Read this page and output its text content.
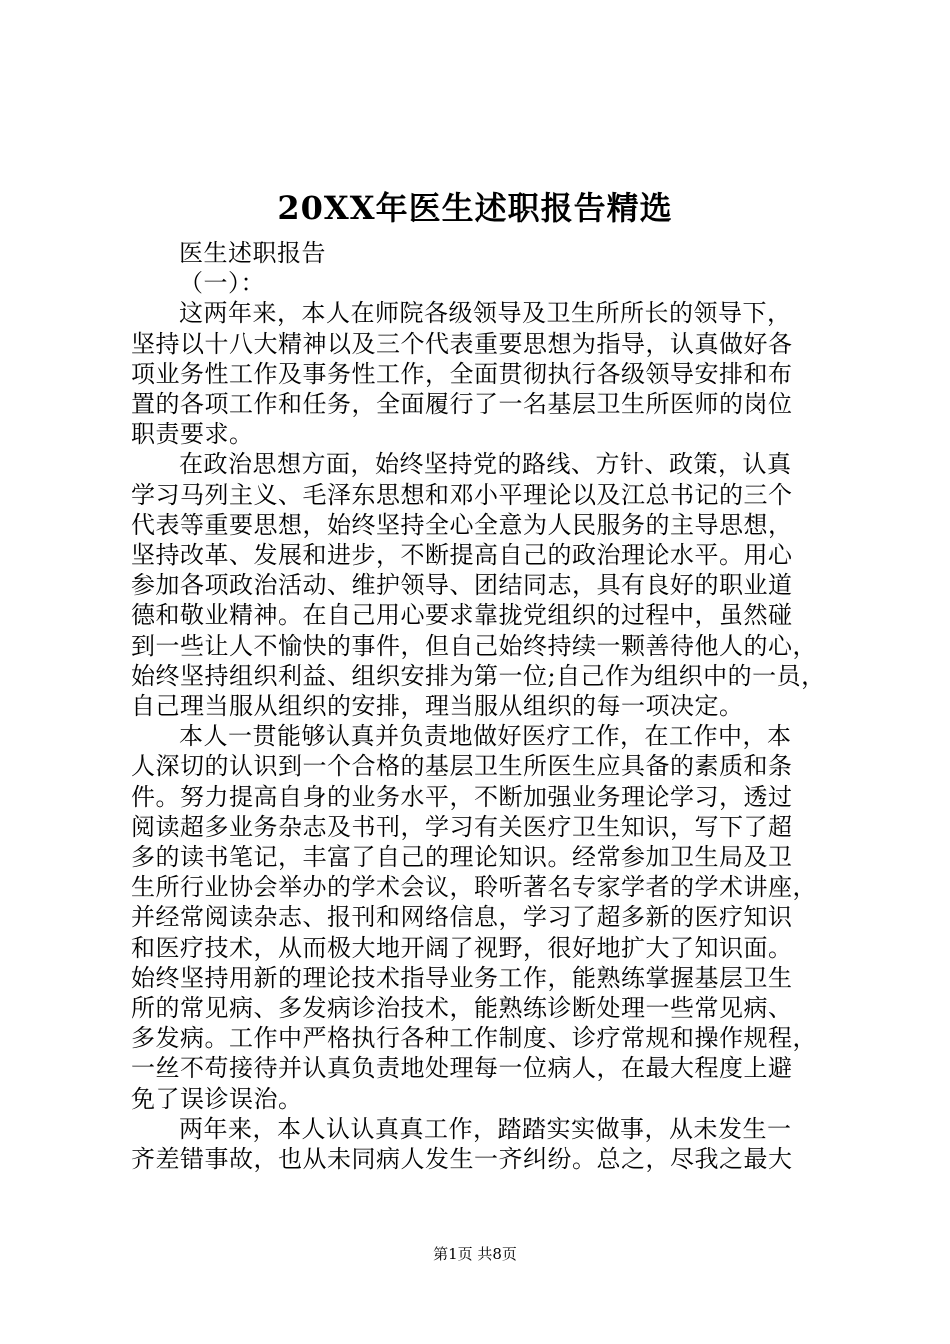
20XX年医生述职报告精选
医生述职报告
（一）：
这两年来，本人在师院各级领导及卫生所所长的领导下，
坚持以十八大精神以及三个代表重要思想为指导，认真做好各
项业务性工作及事务性工作，全面贯彻执行各级领导安排和布
置的各项工作和任务，全面履行了一名基层卫生所医师的岗位
职责要求。
在政治思想方面，始终坚持党的路线、方针、政策，认真
学习马列主义、毛泽东思想和邓小平理论以及江总书记的三个
代表等重要思想，始终坚持全心全意为人民服务的主导思想，
坚持改革、发展和进步，不断提高自己的政治理论水平。用心
参加各项政治活动、维护领导、团结同志，具有良好的职业道
德和敬业精神。在自己用心要求靠拢党组织的过程中，虽然碰
到一些让人不愉快的事件，但自己始终持续一颗善待他人的心，
始终坚持组织利益、组织安排为第一位;自己作为组织中的一员，
自己理当服从组织的安排，理当服从组织的每一项决定。
本人一贯能够认真并负责地做好医疗工作，在工作中，本
人深切的认识到一个合格的基层卫生所医生应具备的素质和条
件。努力提高自身的业务水平，不断加强业务理论学习，透过
阅读超多业务杂志及书刊，学习有关医疗卫生知识，写下了超
多的读书笔记，丰富了自己的理论知识。经常参加卫生局及卫
生所行业协会举办的学术会议，聆听著名专家学者的学术讲座，
并经常阅读杂志、报刊和网络信息，学习了超多新的医疗知识
和医疗技术，从而极大地开阔了视野，很好地扩大了知识面。
始终坚持用新的理论技术指导业务工作，能熟练掌握基层卫生
所的常见病、多发病诊治技术，能熟练诊断处理一些常见病、
多发病。工作中严格执行各种工作制度、诊疗常规和操作规程，
一丝不苟接待并认真负责地处理每一位病人，在最大程度上避
免了误诊误治。
两年来，本人认认真真工作，踏踏实实做事，从未发生一
齐差错事故，也从未同病人发生一齐纠纷。总之，尽我之最大
第1页 共8页
